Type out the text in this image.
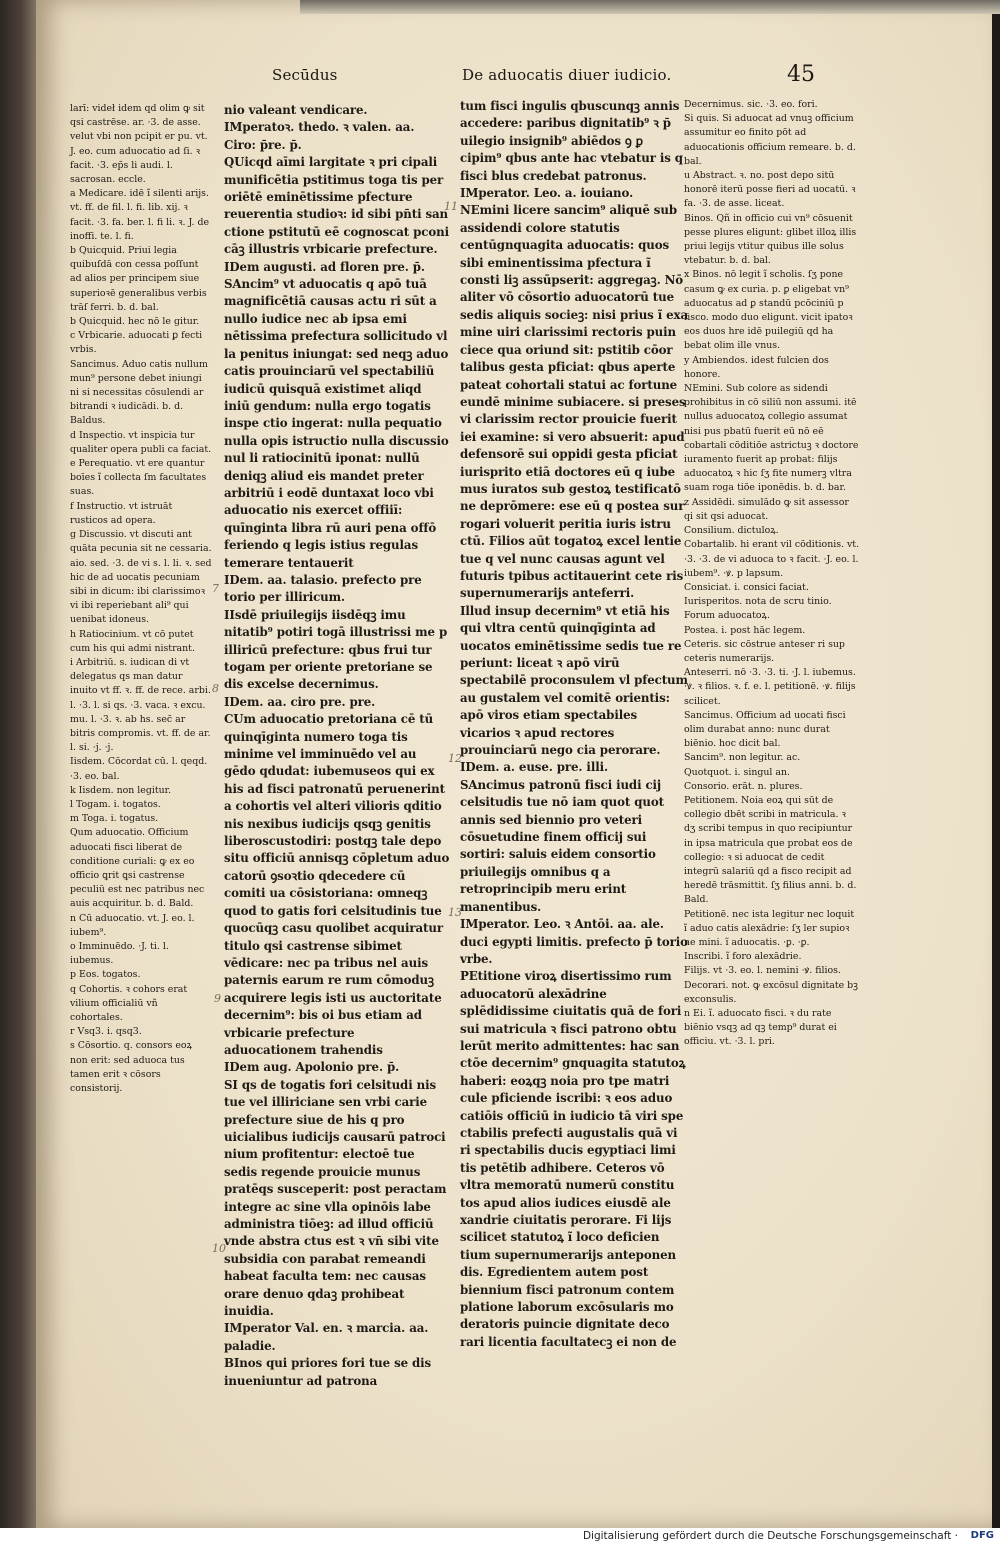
Secūdus	De aduocatis diuer iudicio.	45

larī: videł idem qd olim ꝙ sit qsi castrēse. ar. ·3. de asse. velut vbi non pcipit er pu. vt. J. eo. cum aduocatio ad ſi. ꝛ facit. ·3. ep̄s li audi. l. sacrosan. eccle.
a Medicare. idē ĩ silenti arijs. vt. ff. de fil. l. fi. lib. xij. ꝛ facit. ·3. fa. ber. l. fi li. ꝛ. J. de inoffi. te. l. fi.
b Quicquid. Priui legia quibuſdā con cessa poſſunt ad alios per principem siue superioꝛē generalibus verbis trāſ ferri. b. d. bal.
b Quicquid. hec nō le gitur.
c Vrbicarie. aduocati ꝑ fecti vrbis.
Sancimus. Aduo catis nullum mun⁹ persone debet iniungi ni si necessitas cōsulendi ar bitrandi ꝛ iudicādi. b. d. Baldus.
d Inspectio. vt inspicia tur qualiter opera publi ca faciat.
e Perequatio. vt ere quantur boīes ĩ collecta ſm facultates suas.
f Instructio. vt istruāt rusticos ad opera.
g Discussio. vt discuti ant quāta pecunia sit ne cessaria. aio. sed. ·3. de vi s. l. li. ꝛ. sed hic de ad uocatis pecuniam sibi in dicum: ibi clarissimoꝛ vi ibi reperiebant ali⁹ qui uenibat idoneus.
h Ratiocinium. vt cō putet cum his qui admi nistrant.
i Arbitriū. s. iudican di vt delegatus qs man datur inuito vt ff. ꝛ. ff. de rece. arbi. l. ·3. l. si qs. ·3. vaca. ꝛ excu. mu. l. ·3. ꝛ. ab hs. sec̄ ar bitris compromis. vt. ff. de ar. l. si. ·j. ·j.
Iisdem. Cōcordat cū. l. qeqd. ·3. eo. bal.
k Iisdem. non legitur.
l Togam. i. togatos.
m Toga. i. togatus.
Qum aduocatio. Officium aduocati fisci liberat de conditione curiali: ꝙ ex eo officio ꝗrit ꝗsi castrense peculiū est nec patribus nec auis acquiritur. b. d. Bald.
n Cū aduocatio. vt. J. eo. l. iubem⁹.
o Imminuēdo. ·J. ti. l. iubemus.
p Eos. togatos.
q Cohortis. ꝛ cohors erat vilium officialiū vñ cohortales.
r Vsq3. i. qsq3.
s Cōsortio. q. consors eoꝝ non erit: sed aduoca tus tamen erit ꝛ cōsors consistorij.

nio valeant vendicare.
IMperatoꝛ. thedo. ꝛ valen. aa. Ciro: p̄re. p̄.
QUicqd aīmi largitate ꝛ pri cipali munificētia pstitimus toga tis per oriētē eminētissime pfecture reuerentia studioꝛ: id sibi pn̄ti san ctione pstitutū eē cognoscat pconi cāꝫ illustris vrbicarie prefecture.
IDem augusti. ad floren pre. p̄.
SAncim⁹ vt aduocatis q apō tuā magnificētiā causas actu ri sūt a nullo iudice nec ab ipsa emi nētissima prefectura sollicitudo vl la penitus iniungat: sed neqꝫ aduo catis prouinciarū vel spectabiliū iudicū quisquā existimet aliqd iniū gendum: nulla ergo togatis inspe ctio ingerat: nulla pequatio nulla opis istructio nulla discussio nul li ratiocinitū iponat: nullū deniqꝫ aliud eis mandet preter arbitriū i eodē duntaxat loco vbi aduocatio nis exercet offiiī: quīnginta libra rū auri pena offō feriendo q legis istius regulas temerare tentauerit
IDem. aa. talasio. prefecto pre torio per illiricum.
IIsdē priuilegijs iisdēqꝫ imu nitatib⁹ potiri togā illustrissi me p illiricū prefecture: qbus frui tur togam per oriente pretoriane se dis excelse decernimus.
IDem. aa. ciro pre. pre.
CUm aduocatio pretoriana cē tū quinqīginta numero toga tis minime vel imminuēdo vel au gēdo qdudat: iubemuseos qui ex his ad fisci patronatū peruenerint a cohortis vel alteri vilioris qditio nis nexibus iudicijs qsqꝫ genitis liberoscustodiri: postqꝫ tale depo situ officiū annisqꝫ cōpletum aduo catorū ꝯsoꝛtio qdecedere cū comiti ua cōsistoriana: omneqꝫ quod to gatis fori celsitudinis tue quocūqꝫ casu quolibet acquiratur titulo qsi castrense sibimet vēdicare: nec pa tribus nel auis paternis earum re rum cōmoduꝫ acquirere legis isti us auctoritate decernim⁹: bis oi bus etiam ad vrbicarie prefecture aduocationem trahendis
IDem aug. Apolonio pre. p̄.
SI qs de togatis fori celsitudi nis tue vel illiriciane sen vrbi carie prefecture siue de his q pro uicialibus iudicijs causarū patroci nium profitentur: electoē tue sedis regende prouicie munus pratēqs susceperit: post peractam integre ac sine vlla opinōis labe administra tiōeꝫ: ad illud officiū vnde abstra ctus est ꝛ vn̄ sibi vite subsidia con parabat remeandi habeat faculta tem: nec causas orare denuo qdaꝫ prohibeat inuidia.
IMperator Val. en. ꝛ marcia. aa. paladie.
BInos qui priores fori tue se dis inueniuntur ad patrona

tum fisci ingulis qbuscunqꝫ annis accedere: paribus dignitatib⁹ ꝛ p̄ uilegio insignib⁹ abiēdos ꝯ ꝑ cipim⁹ qbus ante hac vtebatur is q fisci blus credebat patronus.
IMperator. Leo. a. iouiano.
NEmini licere sancim⁹ aliquē sub assidendi colore statutis centūgnquagita aduocatis: quos sibi eminentissima pfectura ĩ consti liꝫ assūpserit: aggregaꝫ. Nō aliter vō cōsortio aduocatorū tue sedis aliquis socieꝫ: nisi prius ĩ exa mine uiri clarissimi rectoris puin ciece qua oriund sit: pstitib cōor talibus gesta pficiat: qbus aperte pateat cohortali statui ac fortune eundē minime subiacere. si preses vi clarissim rector prouicie fuerit iei examine: si vero absuerit: apud defensorē sui oppidi gesta pficiat iurisprito etiā doctores eū q iube mus iuratos sub gestoꝝ testificatō ne deprōmere: ese eū q postea sur rogari voluerit peritia iuris istru ctū. Filios aūt togatoꝝ excel lentie tue q vel nunc causas agunt vel futuris tpibus actitauerint cete ris supernumerarijs anteferri.
Illud insup decernim⁹ vt etiā his qui vltra centū quinqīginta ad uocatos eminētissime sedis tue re periunt: liceat ꝛ apō virū spectabilē proconsulem vl pfectum au gustalem vel comitē orientis: apō viros etiam spectabiles vicarios ꝛ apud rectores prouinciarū nego cia perorare.
IDem. a. euse. pre. illi.
SAncimus patronū fisci iudi cij celsitudis tue nō iam quot quot annis sed biennio pro veteri cōsuetudine finem officij sui sortiri: saluis eidem consortio priuilegijs omnibus q a retroprincipib meru erint manentibus.
IMperator. Leo. ꝛ Antōi. aa. ale. duci egypti limitis. prefecto p̄ torio vrbe.
PEtitione viroꝝ disertissimo rum aduocatorū alexādrine splēdidissime ciuitatis quā de fori sui matricula ꝛ fisci patrono obtu lerūt merito admittentes: hac san ctōe decernim⁹ gnquagita statutoꝝ haberi: eoꝝqꝫ noia pro tpe matri cule pficiende iscribi: ꝛ eos aduo catiōis officiū in iudicio tā viri spe ctabilis prefecti augustalis quā vi ri spectabilis ducis egyptiaci limi tis petētib adhibere. Ceteros vō vltra memoratū numerū constitu tos apud alios iudices eiusdē ale xandrie ciuitatis perorare. Fi lijs scilicet statutoꝝ ĩ loco deficien tium supernumerarijs anteponen dis. Egredientem autem post biennium fisci patronum contem platione laborum excōsularis mo deratoris puincie dignitate deco rari licentia facultatecꝫ ei non de

Decernimus. sic. ·3. eo. fori.
Si quis. Si aduocat ad vnuꝫ officium assumitur eo finito pōt ad aduocationis officium remeare. b. d. bal.
u Abstract. ꝛ. no. post depo sitū honorē iterū posse fieri ad uocatū. ꝛ fa. ·3. de asse. liceat.
Binos. Qñ in officio cui vn⁹ cōsuenit pesse plures eligunt: glibet illoꝝ illis priui legijs vtitur quibus ille solus vtebatur. b. d. bal.
x Binos. nō legit ĩ scholis. ſʒ pone casum ꝙ ex curia. p. ꝑ eligebat vn⁹ aduocatus ad ꝑ standū pcōciniū p fisco. modo duo eligunt. vicit ipatoꝛ eos duos hre idē puilegiū qd ha bebat olim ille vnus.
y Ambiendos. idest fulcien dos honore.
NEmini. Sub colore as sidendi prohibitus in cō siliū non assumi. itē nullus aduocatoꝝ collegio assumat nisi pus pbatū fuerit eū nō eē cobartali cōditiōe astrictuꝫ ꝛ doctore iuramento fuerit ap probat: filijs aduocatoꝝ ꝛ hic ſʒ fite numerꝫ vltra suam roga tiōe iponēdis. b. d. bar.
z Assidēdi. simulādo ꝙ sit assessor qi sit qsi aduocat.
Consilium. dictuloꝝ.
Cobartalib. hi erant vil cōditionis. vt. ·3. ·3. de vi aduoca to ꝛ facit. ·J. eo. l. iubem⁹. ·ꝟ. p lapsum.
Consiciat. i. consici faciat.
Iurisperitos. nota de scru tinio.
Forum aduocatoꝝ.
Postea. i. post hāc legem.
Ceteris. sic cōstrue anteser ri sup ceteris numerarijs.
Anteserri. nō ·3. ·3. ti. ·J. l. iubemus. ·ꝟ. ꝛ filios. ꝛ. f. e. l. petitionē. ·ꝟ. filijs scilicet.
Sancimus. Officium ad uocati fisci olim durabat anno: nunc durat biēnio. hoc dicit bal.
Sancim⁹. non legitur. ac.
Quotquot. i. singul an.
Consorio. erāt. n. plures.
Petitionem. Noia eoꝝ qui sūt de collegio dbēt scribi in matricula. ꝛ dʒ scribi tempus in quo recipiuntur in ipsa matricula que probat eos de collegio: ꝛ si aduocat de cedit integrū salariū qd a fisco recipit ad heredē trāsmittit. ſʒ filius anni. b. d. Bald.
Petitionē. nec ista legitur nec loquit ĩ aduo catis alexādrie: ſʒ ler supioꝛ ne mini. ĩ aduocatis. ·ꝑ. ·ꝑ.
Inscribi. ĩ foro alexādrie.
Filijs. vt ·3. eo. l. nemini ·ꝟ. filios.
Decorari. not. ꝙ excōsul dignitate bꝫ exconsulis.
n Ei. ĩ. aduocato fisci. ꝛ du rate biēnio vsqꝫ ad qꝫ temp⁹ durat ei officiu. vt. ·3. l. pri.

7
8
9
10
11
12
13
Digitalisierung gefördert durch die Deutsche Forschungsgemeinschaft · DFG
